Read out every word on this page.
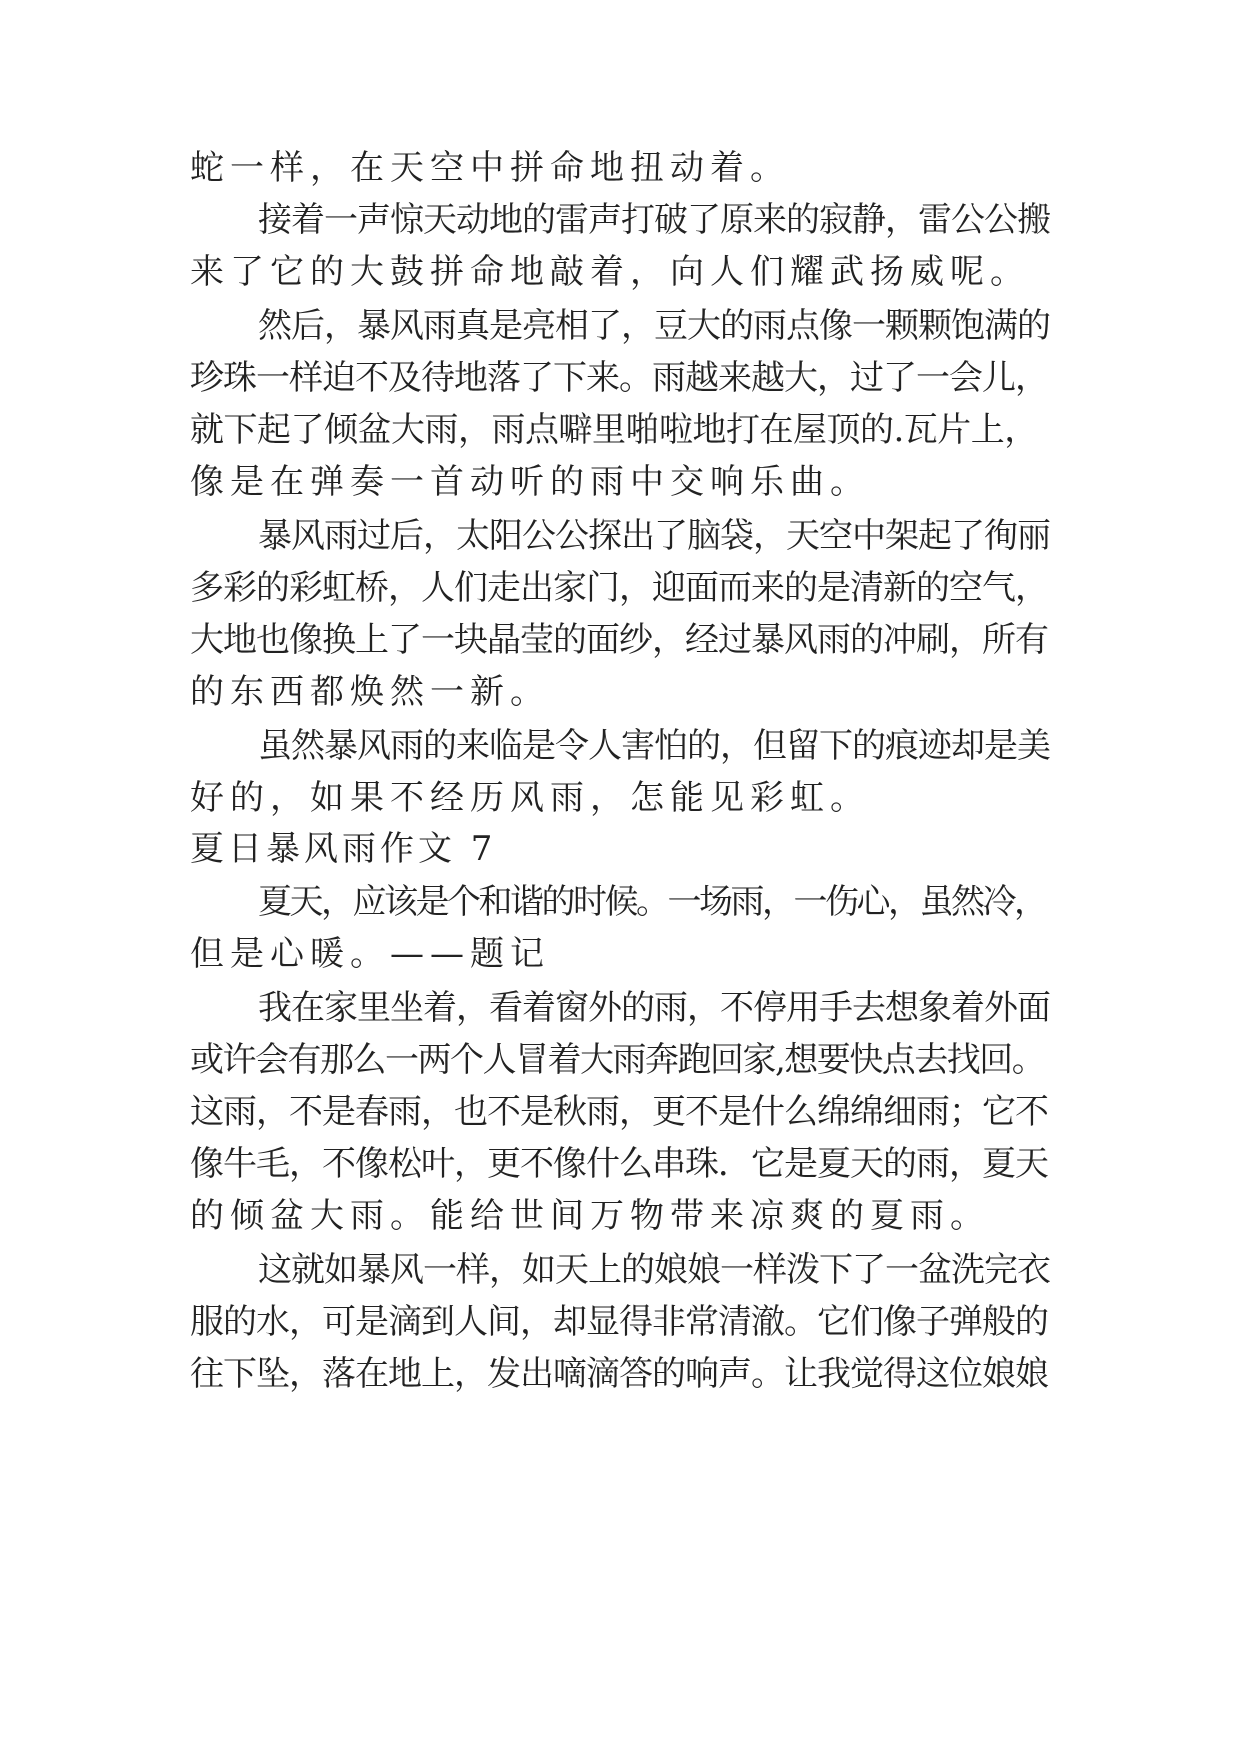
蛇一样，在天空中拼命地扭动着。

接着一声惊天动地的雷声打破了原来的寂静，雷公公搬

来了它的大鼓拼命地敲着，向人们耀武扬威呢。

然后，暴风雨真是亮相了，豆大的雨点像一颗颗饱满的

珍珠一样迫不及待地落了下来。雨越来越大，过了一会儿，

就下起了倾盆大雨，雨点噼里啪啦地打在屋顶的.瓦片上，

像是在弹奏一首动听的雨中交响乐曲。

暴风雨过后，太阳公公探出了脑袋，天空中架起了徇丽

多彩的彩虹桥，人们走出家门，迎面而来的是清新的空气，

大地也像换上了一块晶莹的面纱，经过暴风雨的冲刷，所有

的东西都焕然一新。

虽然暴风雨的来临是令人害怕的，但留下的痕迹却是美

好的，如果不经历风雨，怎能见彩虹。

夏日暴风雨作文 7

夏天，应该是个和谐的时候。一场雨，一伤心，虽然冷，

但是心暖。——题记

我在家里坐着，看着窗外的雨，不停用手去想象着外面

或许会有那么一两个人冒着大雨奔跑回家,想要快点去找回。

这雨，不是春雨，也不是秋雨，更不是什么绵绵细雨；它不

像牛毛，不像松叶，更不像什么串珠．它是夏天的雨，夏天

的倾盆大雨。能给世间万物带来凉爽的夏雨。

这就如暴风一样，如天上的娘娘一样泼下了一盆洗完衣

服的水，可是滴到人间，却显得非常清澈。它们像子弹般的

往下坠，落在地上，发出嘀滴答的响声。让我觉得这位娘娘
